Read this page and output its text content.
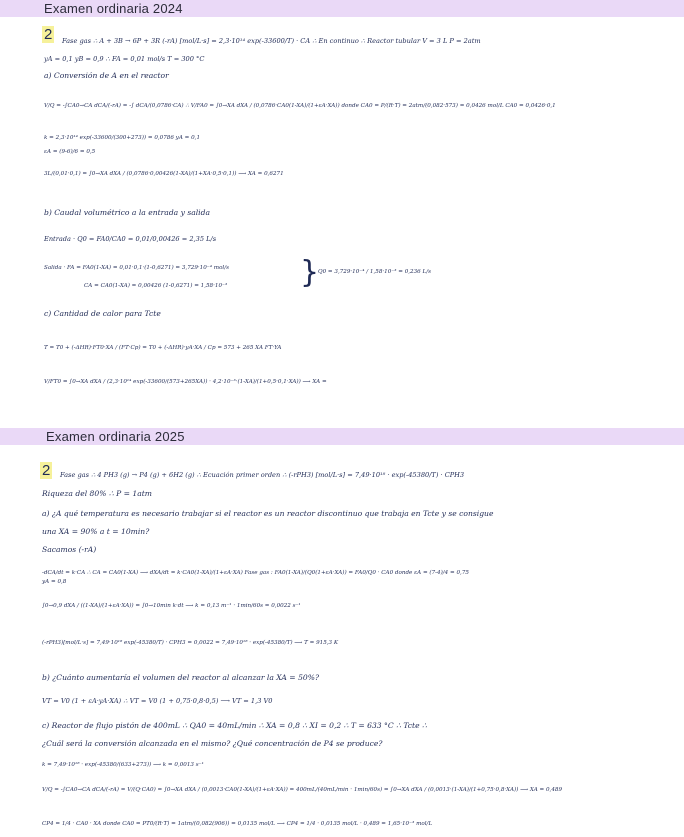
Examen ordinaria 2024
2	Fase gas ∴ A + 3B → 6P + 3R (-rA) [mol/L·s] = 2,3·10¹⁴ exp(-33600/T) · CA ∴ En continuo ∴ Reactor tubular V = 3 L P = 2atm
yA = 0,1 yB = 0,9 ∴ FA = 0,01 mol/s T = 300 °C
a) Conversión de A en el reactor
V/Q = -∫CA0→CA dCA/(-rA) = -∫ dCA/(0,0786·CA) ∴ V/FA0 = ∫0→XA dXA / (0,0786·CA0(1-XA)/(1+εA·XA)) donde CA0 = P/(R·T) = 2atm/(0,082·573) = 0,0426 mol/L CA0 = 0,0426·0,1
k = 2,3·10¹⁴ exp(-33600/(300+273)) = 0,0786 yA = 0,1
εA = (9-6)/6 = 0,5
3L/(0,01·0,1) = ∫0→XA dXA / (0,0786·0,00426(1-XA)/(1+XA·0,5·0,1)) ⟶ XA = 0,6271
b) Caudal volumétrico a la entrada y salida
Entrada · Q0 = FA0/CA0 = 0,01/0,00426 = 2,35 L/s
Salida · FA = FA0(1-XA) = 0,01·0,1·(1-0,6271) = 3,729·10⁻⁴ mol/s }
Q0 = 3,729·10⁻⁴ / 1,58·10⁻³ = 0,236 L/s
CA = CA0(1-XA) = 0,00426 (1-0,6271) = 1,58·10⁻³
c) Cantidad de calor para Tcte
T = T0 + (-ΔHR)·FT0·XA / (FT·Cp) = T0 + (-ΔHR)·yA·XA / Cp = 573 + 265 XA FT·YA
V/FT0 = ∫0→XA dXA / (2,3·10¹⁴ exp(-33600/(573+265XA)) · 4,2·10⁻³·(1-XA)/(1+0,5·0,1·XA)) ⟶ XA =
Examen ordinaria 2025
2	Fase gas ∴ 4 PH3 (g) → P4 (g) + 6H2 (g) ∴ Ecuación primer orden ∴ (-rPH3) [mol/L·s] = 7,49·10¹⁸ · exp(-45380/T) · CPH3
Riqueza del 80% ∴ P = 1atm
a) ¿A qué temperatura es necesario trabajar si el reactor es un reactor discontinuo que trabaja en Tcte y se consigue
una XA = 90% a t = 10min?
Sacamos (-rA)
-dCA/dt = k·CA ∴ CA = CA0(1-XA) ⟶ dXA/dt = k·CA0(1-XA)/(1+εA·XA) Fase gas : FA0(1-XA)/(Q0(1+εA·XA)) = FA0/Q0 · CA0 donde εA = (7-4)/4 = 0,75
yA = 0,8
∫0→0,9 dXA / ((1-XA)/(1+εA·XA)) = ∫0→10min k·dt ⟶ k = 0,13 m⁻¹ · 1min/60s = 0,0022 s⁻¹
(-rPH3)[mol/L·s] = 7,49·10¹⁸ exp(-45380/T) · CPH3 = 0,0022 = 7,49·10¹⁸ · exp(-45380/T) ⟶ T = 915,3 K
b) ¿Cuánto aumentaría el volumen del reactor al alcanzar la XA = 50%?
VT = V0 (1 + εA·yA·XA) ∴ VT = V0 (1 + 0,75·0,8·0,5) ⟶ VT = 1,3 V0
c) Reactor de flujo pistón de 400mL ∴ QA0 = 40mL/min ∴ XA = 0,8 ∴ XI = 0,2 ∴ T = 633 °C ∴ Tcte ∴
¿Cuál será la conversión alcanzada en el mismo? ¿Qué concentración de P4 se produce?
k = 7,49·10¹⁸ · exp(-45380/(633+273)) ⟶ k = 0,0013 s⁻¹
V/Q = -∫CA0→CA dCA/(-rA) = V/(Q·CA0) = ∫0→XA dXA / (0,0013·CA0(1-XA)/(1+εA·XA)) = 400mL/(40mL/min · 1min/60s) = ∫0→XA dXA / (0,0013·(1-XA)/(1+0,75·0,8·XA)) ⟶ XA = 0,489
CP4 = 1/4 · CA0 · XA donde CA0 = PT0/(R·T) = 1atm/(0,082(906)) = 0,0135 mol/L ⟶ CP4 = 1/4 · 0,0135 mol/L · 0,489 = 1,65·10⁻³ mol/L
